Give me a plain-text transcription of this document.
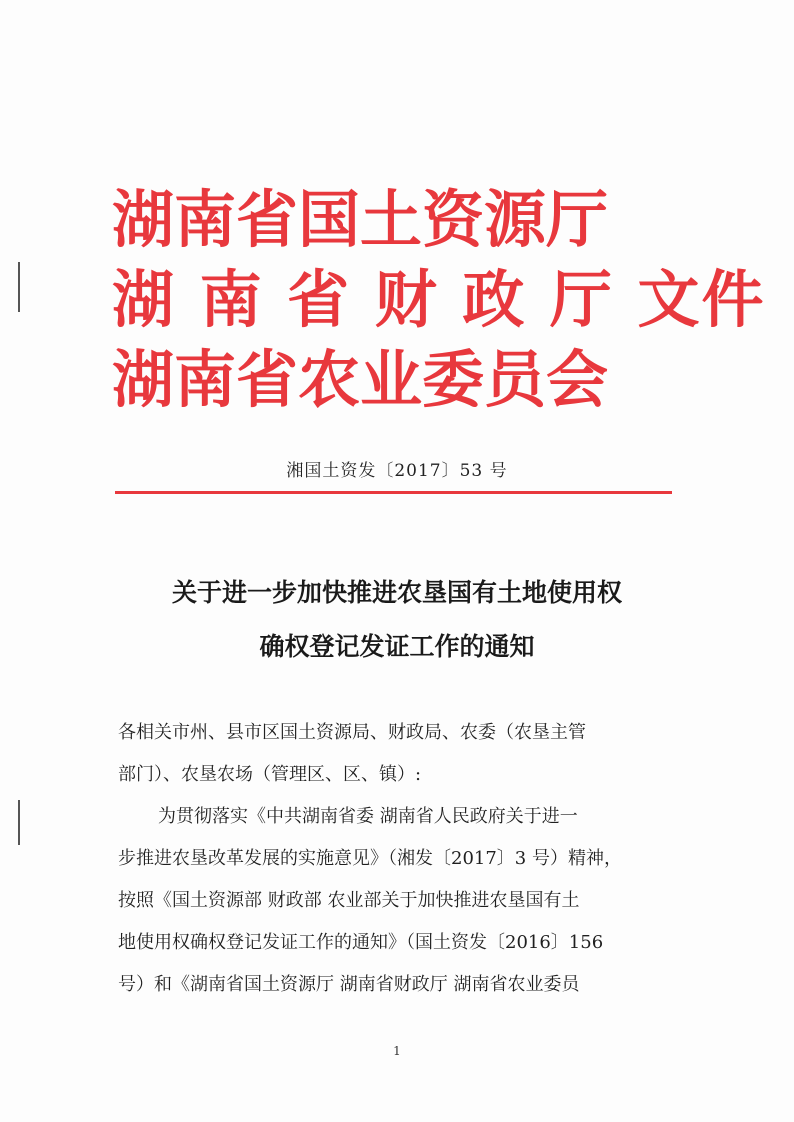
湖南省国土资源厅
湖 南 省 财 政 厅 文件
湖南省农业委员会
湘国土资发〔2017〕53 号
关于进一步加快推进农垦国有土地使用权
确权登记发证工作的通知

各相关市州、县市区国土资源局、财政局、农委（农垦主管

部门）、农垦农场（管理区、区、镇）:

为贯彻落实《中共湖南省委 湖南省人民政府关于进一

步推进农垦改革发展的实施意见》（湘发〔2017〕3 号）精神，

按照《国土资源部 财政部 农业部关于加快推进农垦国有土

地使用权确权登记发证工作的通知》（国土资发〔2016〕156

号）和《湖南省国土资源厅 湖南省财政厅 湖南省农业委员

1
